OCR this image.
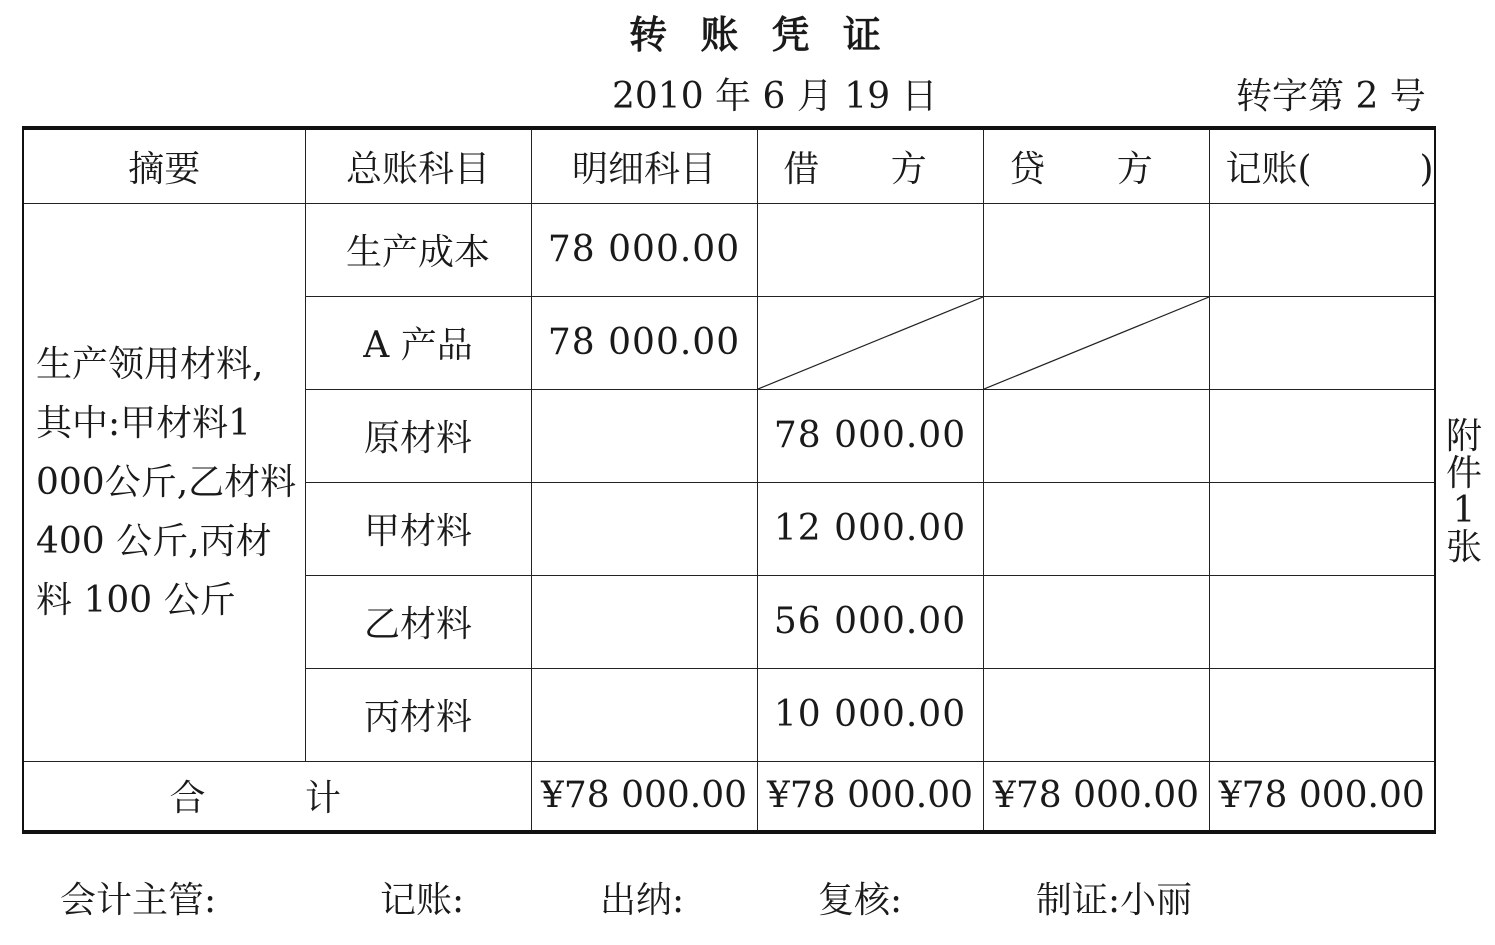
转 账 凭 证
2010 年 6 月 19 日	转字第 2 号
摘要	总账科目	明细科目	借 方	贷 方	记账(　　　)
生产领用材料,其中:甲材料1 000公斤,乙材料 400 公斤,丙材料 100 公斤	生产成本	78 000.00			
	A 产品	78 000.00	

	原材料		78 000.00		
	甲材料		12 000.00		
	乙材料		56 000.00		
	丙材料		10 000.00		
合 计		¥78 000.00	¥78 000.00	¥78 000.00	¥78 000.00
附
件
1
张
会计主管:	记账:	出纳:	复核:	制证:小丽
